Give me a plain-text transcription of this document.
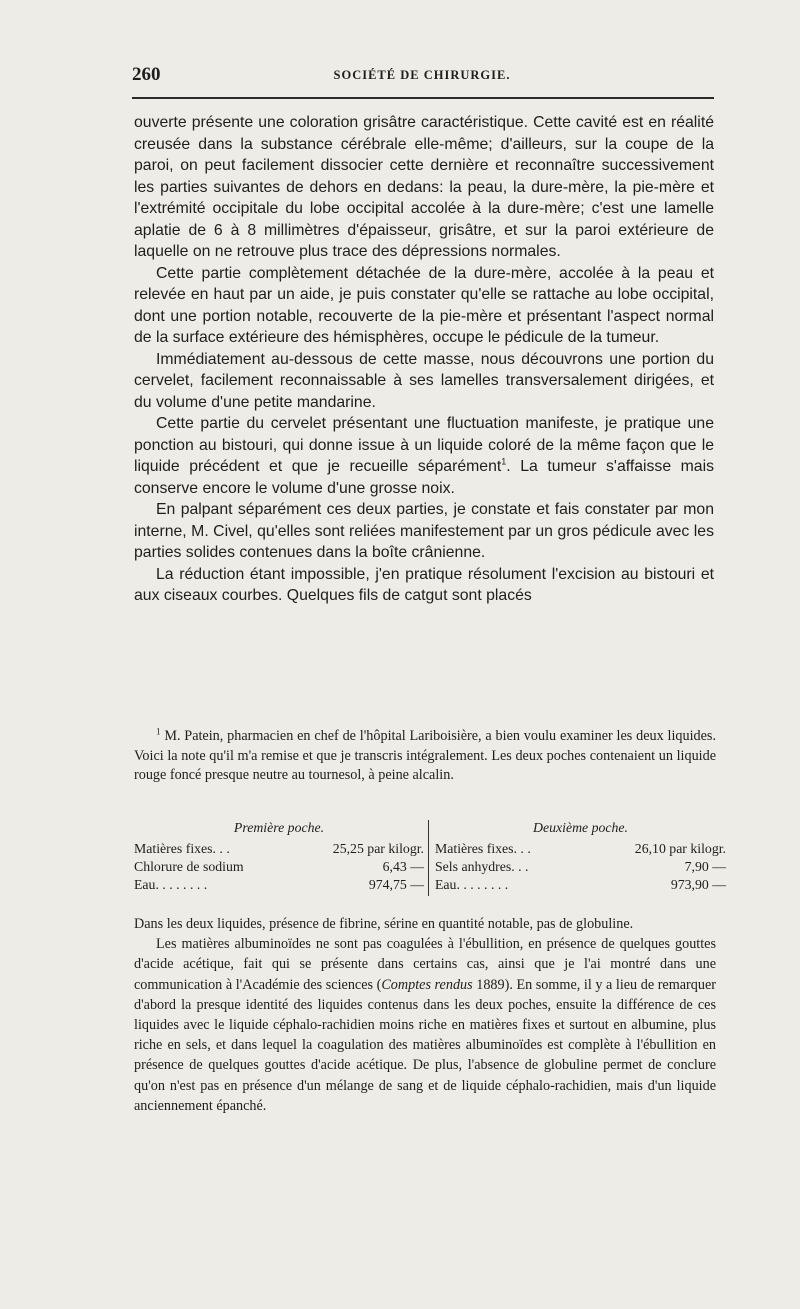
260	SOCIÉTÉ DE CHIRURGIE.

ouverte présente une coloration grisâtre caractéristique. Cette cavité est en réalité creusée dans la substance cérébrale elle-même; d'ailleurs, sur la coupe de la paroi, on peut facilement dissocier cette dernière et reconnaître successivement les parties suivantes de dehors en dedans: la peau, la dure-mère, la pie-mère et l'extrémité occipitale du lobe occipital accolée à la dure-mère; c'est une lamelle aplatie de 6 à 8 millimètres d'épaisseur, grisâtre, et sur la paroi extérieure de laquelle on ne retrouve plus trace des dépressions normales.

Cette partie complètement détachée de la dure-mère, accolée à la peau et relevée en haut par un aide, je puis constater qu'elle se rattache au lobe occipital, dont une portion notable, recouverte de la pie-mère et présentant l'aspect normal de la surface extérieure des hémisphères, occupe le pédicule de la tumeur.

Immédiatement au-dessous de cette masse, nous découvrons une portion du cervelet, facilement reconnaissable à ses lamelles transversalement dirigées, et du volume d'une petite mandarine.

Cette partie du cervelet présentant une fluctuation manifeste, je pratique une ponction au bistouri, qui donne issue à un liquide coloré de la même façon que le liquide précédent et que je recueille séparément$^1$. La tumeur s'affaisse mais conserve encore le volume d'une grosse noix.

En palpant séparément ces deux parties, je constate et fais constater par mon interne, M. Civel, qu'elles sont reliées manifestement par un gros pédicule avec les parties solides contenues dans la boîte crânienne.

La réduction étant impossible, j'en pratique résolument l'excision au bistouri et aux ciseaux courbes. Quelques fils de catgut sont placés

$^1$ M. Patein, pharmacien en chef de l'hôpital Lariboisière, a bien voulu examiner les deux liquides. Voici la note qu'il m'a remise et que je transcris intégralement. Les deux poches contenaient un liquide rouge foncé presque neutre au tournesol, à peine alcalin.

Première poche.
Matières fixes. . .	25,25 par kilogr.
Chlorure de sodium	6,43 —
Eau. . . . . . . .	974,75 —
Deuxième poche.
Matières fixes. . .	26,10 par kilogr.
Sels anhydres. . .	7,90 —
Eau. . . . . . . .	973,90 —

Dans les deux liquides, présence de fibrine, sérine en quantité notable, pas de globuline.

Les matières albuminoïdes ne sont pas coagulées à l'ébullition, en présence de quelques gouttes d'acide acétique, fait qui se présente dans certains cas, ainsi que je l'ai montré dans une communication à l'Académie des sciences (Comptes rendus 1889). En somme, il y a lieu de remarquer d'abord la presque identité des liquides contenus dans les deux poches, ensuite la différence de ces liquides avec le liquide céphalo-rachidien moins riche en matières fixes et surtout en albumine, plus riche en sels, et dans lequel la coagulation des matières albuminoïdes est complète à l'ébullition en présence de quelques gouttes d'acide acétique. De plus, l'absence de globuline permet de conclure qu'on n'est pas en présence d'un mélange de sang et de liquide céphalo-rachidien, mais d'un liquide anciennement épanché.
